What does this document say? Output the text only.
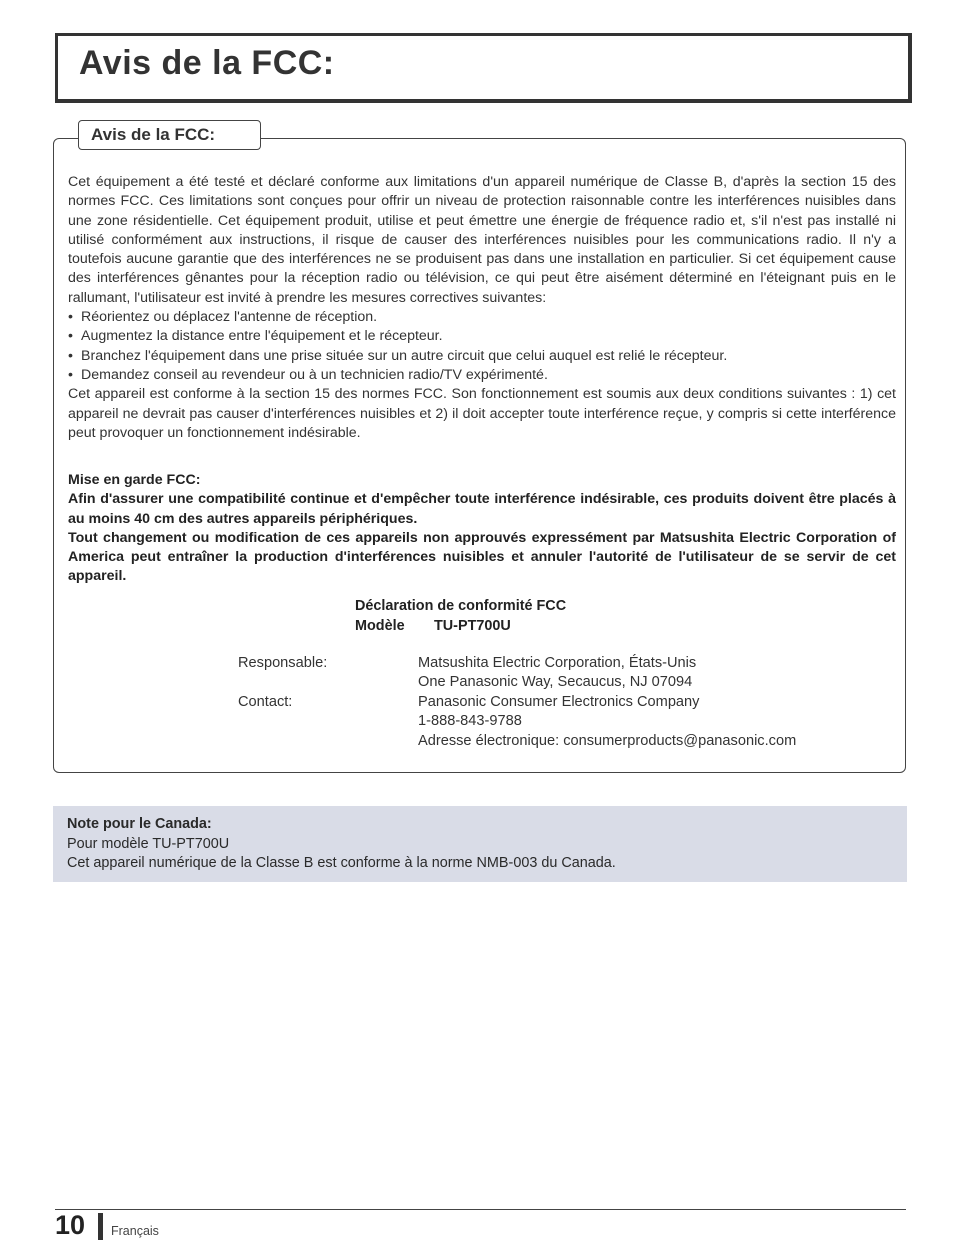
Avis de la FCC:
Avis de la FCC:

Cet équipement a été testé et déclaré conforme aux limitations d'un appareil numérique de Classe B, d'après la section 15 des normes FCC. Ces limitations sont conçues pour offrir un niveau de protection raisonnable contre les interférences nuisibles dans une zone résidentielle. Cet équipement produit, utilise et peut émettre une énergie de fréquence radio et, s'il n'est pas installé ni utilisé conformément aux instructions, il risque de causer des interférences nuisibles pour les communications radio. Il n'y a toutefois aucune garantie que des interférences ne se produisent pas dans une installation en particulier. Si cet équipement cause des interférences gênantes pour la réception radio ou télévision, ce qui peut être aisément déterminé en l'éteignant puis en le rallumant, l'utilisateur est invité à prendre les mesures correctives suivantes:

• Réorientez ou déplacez l'antenne de réception.
• Augmentez la distance entre l'équipement et le récepteur.
• Branchez l'équipement dans une prise située sur un autre circuit que celui auquel est relié le récepteur.
• Demandez conseil au revendeur ou à un technicien radio/TV expérimenté.

Cet appareil est conforme à la section 15 des normes FCC. Son fonctionnement est soumis aux deux conditions suivantes : 1) cet appareil ne devrait pas causer d'interférences nuisibles et 2) il doit accepter toute interférence reçue, y compris si cette interférence peut provoquer un fonctionnement indésirable.

Mise en garde FCC:
Afin d'assurer une compatibilité continue et d'empêcher toute interférence indésirable, ces produits doivent être placés à au moins 40 cm des autres appareils périphériques.
Tout changement ou modification de ces appareils non approuvés expressément par Matsushita Electric Corporation of America peut entraîner la production d'interférences nuisibles et annuler l'autorité de l'utilisateur de se servir de cet appareil.
Déclaration de conformité FCC
Modèle	TU-PT700U
Responsable:

Contact:
Matsushita Electric Corporation, États-Unis
One Panasonic Way, Secaucus, NJ 07094
Panasonic Consumer Electronics Company
1-888-843-9788
Adresse électronique: consumerproducts@panasonic.com
Note pour le Canada:
Pour modèle TU-PT700U
Cet appareil numérique de la Classe B est conforme à la norme NMB-003 du Canada.
10 Français
